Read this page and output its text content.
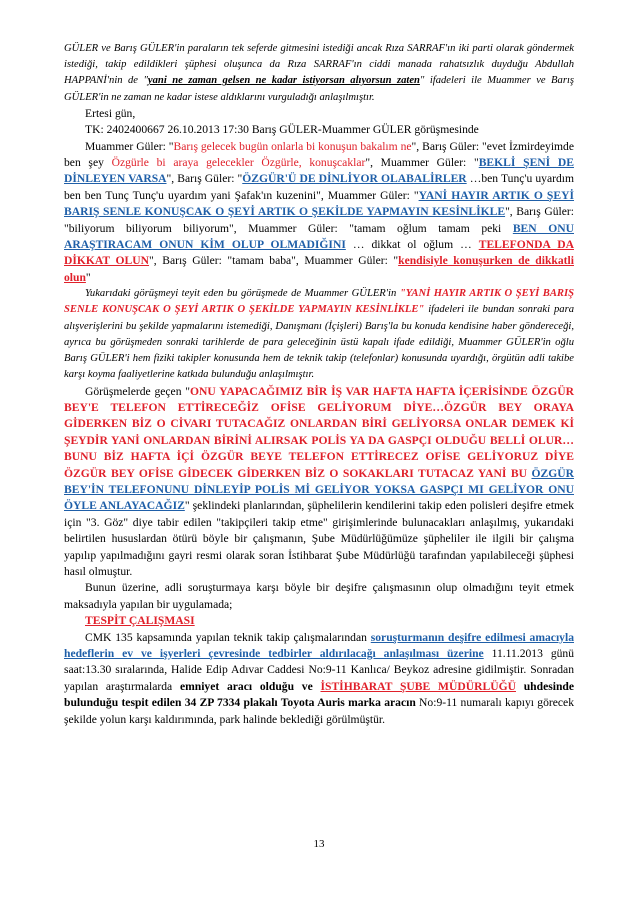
GÜLER ve Barış GÜLER'in paraların tek seferde gitmesini istediği ancak Rıza SARRAF'ın iki parti olarak göndermek istediği, takip edildikleri şüphesi oluşunca da Rıza SARRAF'ın ciddi manada rahatsızlık duyduğu Abdullah HAPPANİ'nin de "yani ne zaman gelsen ne kadar istiyorsan alıyorsun zaten" ifadeleri ile Muammer ve Barış GÜLER'in ne zaman ne kadar istese aldıklarını vurguladığı anlaşılmıştır.

Ertesi gün,

TK: 2402400667 26.10.2013 17:30 Barış GÜLER-Muammer GÜLER görüşmesinde

Muammer Güler: "Barış gelecek bugün onlarla bi konuşun bakalım ne", Barış Güler: "evet İzmirdeyimde ben şey Özgürle bi araya gelecekler Özgürle, konuşcaklar", Muammer Güler: "BEKLİ ŞENİ DE DİNLEYEN VARSA", Barış Güler: "ÖZGÜR'Ü DE DİNLİYOR OLABALİRLER …ben Tunç'u uyardım ben ben Tunç Tunç'u uyardım yani Şafak'ın kuzenini", Muammer Güler: "YANİ HAYIR ARTIK O ŞEYİ BARIŞ SENLE KONUŞCAK O ŞEYİ ARTIK O ŞEKİLDE YAPMAYIN KESİNLİKLE", Barış Güler: "biliyorum biliyorum biliyorum", Muammer Güler: "tamam oğlum tamam peki BEN ONU ARAŞTIRACAM ONUN KİM OLUP OLMADIĞINI … dikkat ol oğlum … TELEFONDA DA DİKKAT OLUN", Barış Güler: "tamam baba", Muammer Güler: "kendisiyle konuşurken de dikkatli olun"

Yukarıdaki görüşmeyi teyit eden bu görüşmede de Muammer GÜLER'in "YANİ HAYIR ARTIK O ŞEYİ BARIŞ SENLE KONUŞCAK O ŞEYİ ARTIK O ŞEKİLDE YAPMAYIN KESİNLİKLE" ifadeleri ile bundan sonraki para alışverişlerini bu şekilde yapmalarını istemediği, Danışmanı (İçişleri) Barış'la bu konuda kendisine haber göndereceği, ayrıca bu görüşmeden sonraki tarihlerde de para geleceğinin üstü kapalı ifade edildiği, Muammer GÜLER'in oğlu Barış GÜLER'i hem fiziki takipler konusunda hem de teknik takip (telefonlar) konusunda uyardığı, örgütün adli takibe karşı koyma faaliyetlerine katkıda bulunduğu anlaşılmıştır.

Görüşmelerde geçen "ONU YAPACAĞIMIZ BİR İŞ VAR HAFTA HAFTA İÇERİSİNDE ÖZGÜR BEY'E TELEFON ETTİRECEĞİZ OFİSE GELİYORUM DİYE…ÖZGÜR BEY ORAYA GİDERKEN BİZ O CİVARI TUTACAĞIZ ONLARDAN BİRİ GELİYORSA ONLAR DEMEK Kİ ŞEYDİR YANİ ONLARDAN BİRİNİ ALIRSAK POLİS YA DA GASPÇI OLDUĞU BELLİ OLUR…BUNU BİZ HAFTA İÇİ ÖZGÜR BEYE TELEFON ETTİRECEZ OFİSE GELİYORUZ DİYE ÖZGÜR BEY OFİSE GİDECEK GİDERKEN BİZ O SOKAKLARI TUTACAZ YANİ BU ÖZGÜR BEY'İN TELEFONUNU DİNLEYİP POLİS Mİ GELİYOR YOKSA GASPÇI MI GELİYOR ONU ÖYLE ANLAYACAĞIZ" şeklindeki planlarından, şüphelilerin kendilerini takip eden polisleri deşifre etmek için "3. Göz" diye tabir edilen "takipçileri takip etme" girişimlerinde bulunacakları anlaşılmış, yukarıdaki belirtilen hususlardan ötürü böyle bir çalışmanın, Şube Müdürlüğümüze şüpheliler ile ilgili bir çalışma yapılıp yapılmadığını gayri resmi olarak soran İstihbarat Şube Müdürlüğü tarafından yapılabileceği şüphesi hasıl olmuştur.

Bunun üzerine, adli soruşturmaya karşı böyle bir deşifre çalışmasının olup olmadığını teyit etmek maksadıyla yapılan bir uygulamada;

TESPİT ÇALIŞMASI

CMK 135 kapsamında yapılan teknik takip çalışmalarından soruşturmanın deşifre edilmesi amacıyla hedeflerin ev ve işyerleri çevresinde tedbirler aldırılacağı anlaşılması üzerine 11.11.2013 günü saat:13.30 sıralarında, Halide Edip Adıvar Caddesi No:9-11 Kanlıca/ Beykoz adresine gidilmiştir. Sonradan yapılan araştırmalarda emniyet aracı olduğu ve İSTİHBARAT ŞUBE MÜDÜRLÜĞÜ uhdesinde bulunduğu tespit edilen 34 ZP 7334 plakalı Toyota Auris marka aracın No:9-11 numaralı kapıyı görecek şekilde yolun karşı kaldırımında, park halinde beklediği görülmüştür.

13
